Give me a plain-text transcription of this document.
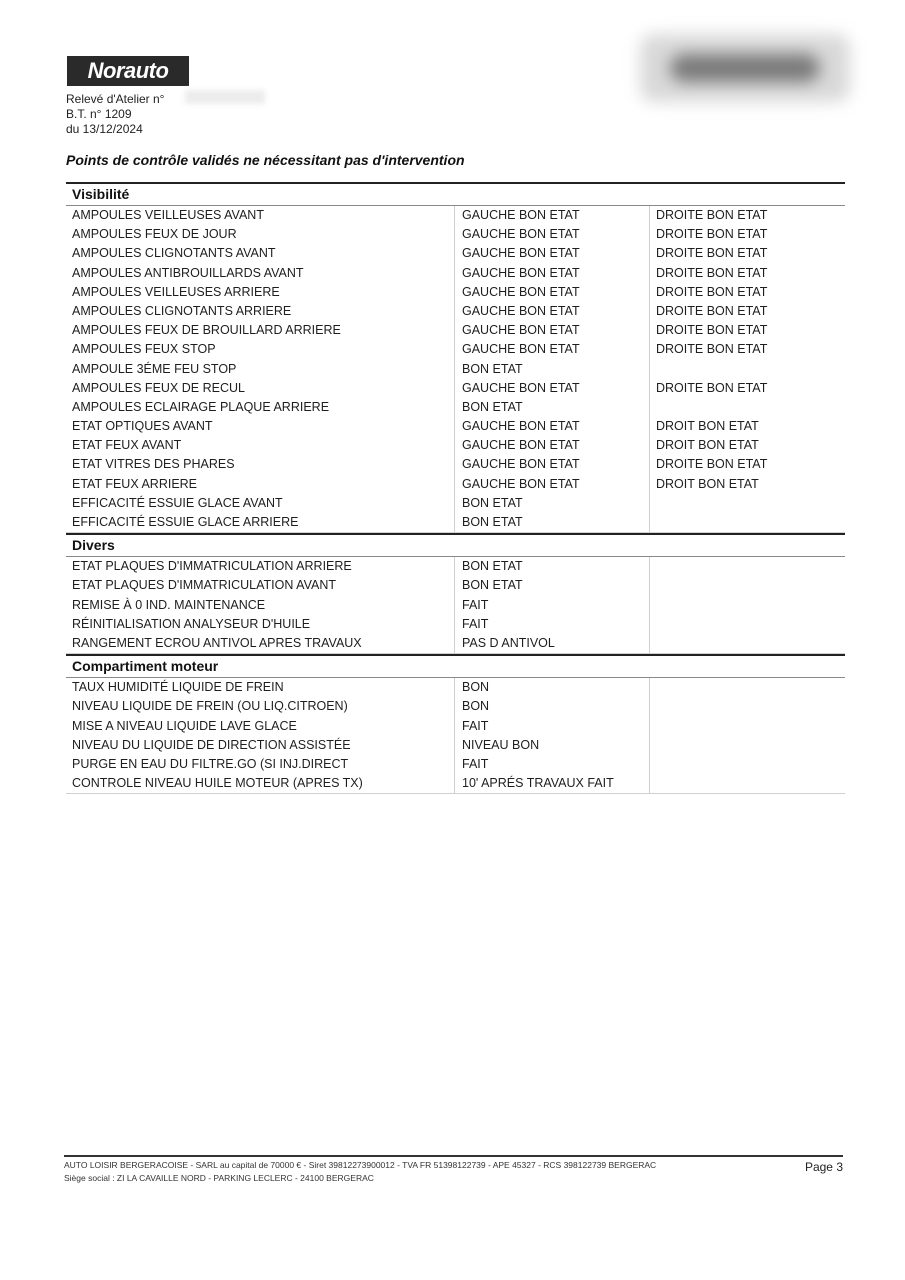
Norauto
Relevé d'Atelier n°
B.T. n° 1209
du 13/12/2024
Points de contrôle validés ne nécessitant pas d'intervention
Visibilité
AMPOULES VEILLEUSES AVANT	GAUCHE BON ETAT	DROITE BON ETAT
AMPOULES FEUX DE JOUR	GAUCHE BON ETAT	DROITE BON ETAT
AMPOULES CLIGNOTANTS AVANT	GAUCHE BON ETAT	DROITE BON ETAT
AMPOULES ANTIBROUILLARDS AVANT	GAUCHE BON ETAT	DROITE BON ETAT
AMPOULES VEILLEUSES ARRIERE	GAUCHE BON ETAT	DROITE BON ETAT
AMPOULES CLIGNOTANTS ARRIERE	GAUCHE BON ETAT	DROITE BON ETAT
AMPOULES FEUX DE BROUILLARD ARRIERE	GAUCHE BON ETAT	DROITE BON ETAT
AMPOULES FEUX STOP	GAUCHE BON ETAT	DROITE BON ETAT
AMPOULE 3ÉME FEU STOP	BON ETAT
AMPOULES FEUX DE RECUL	GAUCHE BON ETAT	DROITE BON ETAT
AMPOULES ECLAIRAGE PLAQUE ARRIERE	BON ETAT
ETAT OPTIQUES AVANT	GAUCHE BON ETAT	DROIT BON ETAT
ETAT FEUX AVANT	GAUCHE BON ETAT	DROIT BON ETAT
ETAT VITRES DES PHARES	GAUCHE BON ETAT	DROITE BON ETAT
ETAT FEUX ARRIERE	GAUCHE BON ETAT	DROIT BON ETAT
EFFICACITÉ ESSUIE GLACE AVANT	BON ETAT
EFFICACITÉ ESSUIE GLACE ARRIERE	BON ETAT
Divers
ETAT PLAQUES D'IMMATRICULATION ARRIERE	BON ETAT
ETAT PLAQUES D'IMMATRICULATION AVANT	BON ETAT
REMISE À 0 IND. MAINTENANCE	FAIT
RÉINITIALISATION ANALYSEUR D'HUILE	FAIT
RANGEMENT ECROU ANTIVOL APRES TRAVAUX	PAS D ANTIVOL
Compartiment moteur
TAUX HUMIDITÉ LIQUIDE DE FREIN	BON
NIVEAU LIQUIDE DE FREIN (OU LIQ.CITROEN)	BON
MISE A NIVEAU LIQUIDE LAVE GLACE	FAIT
NIVEAU DU LIQUIDE DE DIRECTION ASSISTÉE	NIVEAU BON
PURGE EN EAU DU FILTRE.GO (SI INJ.DIRECT	FAIT
CONTROLE NIVEAU HUILE MOTEUR (APRES TX)	10' APRÉS TRAVAUX FAIT
AUTO LOISIR BERGERACOISE - SARL au capital de 70000 € - Siret 39812273900012 - TVA FR 51398122739 - APE 45327 - RCS 398122739 BERGERAC
Siège social : ZI LA CAVAILLE NORD - PARKING LECLERC - 24100 BERGERAC
Page 3
